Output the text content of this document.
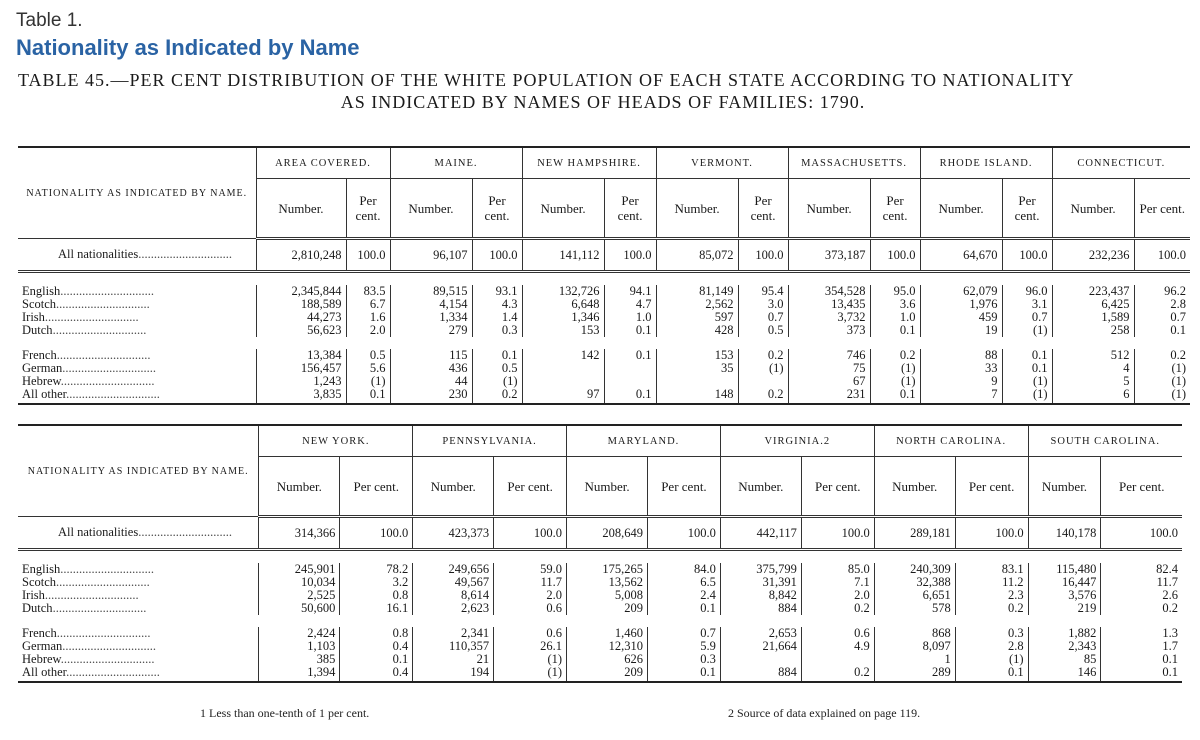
Table 1.
Nationality as Indicated by Name
TABLE 45.—PER CENT DISTRIBUTION OF THE WHITE POPULATION OF EACH STATE ACCORDING TO NATIONALITY
AS INDICATED BY NAMES OF HEADS OF FAMILIES: 1790.
NATIONALITY AS INDICATED BY NAME.	AREA COVERED.		MAINE.		NEW HAMPSHIRE.		VERMONT.		MASSACHUSETTS.		RHODE ISLAND.		CONNECTICUT.	
	Number.	Per cent.	Number.	Per cent.	Number.	Per cent.	Number.	Per cent.	Number.	Per cent.	Number.	Per cent.	Number.	Per cent.
All nationalities..............................	2,810,248	100.0	96,107	100.0	141,112	100.0	85,072	100.0	373,187	100.0	64,670	100.0	232,236	100.0

English..............................	2,345,844	83.5	89,515	93.1	132,726	94.1	81,149	95.4	354,528	95.0	62,079	96.0	223,437	96.2
Scotch..............................	188,589	6.7	4,154	4.3	6,648	4.7	2,562	3.0	13,435	3.6	1,976	3.1	6,425	2.8
Irish..............................	44,273	1.6	1,334	1.4	1,346	1.0	597	0.7	3,732	1.0	459	0.7	1,589	0.7
Dutch..............................	56,623	2.0	279	0.3	153	0.1	428	0.5	373	0.1	19	(1)	258	0.1

French..............................	13,384	0.5	115	0.1	142	0.1	153	0.2	746	0.2	88	0.1	512	0.2
German..............................	156,457	5.6	436	0.5			35	(1)	75	(1)	33	0.1	4	(1)
Hebrew..............................	1,243	(1)	44	(1)					67	(1)	9	(1)	5	(1)
All other..............................	3,835	0.1	230	0.2	97	0.1	148	0.2	231	0.1	7	(1)	6	(1)
NATIONALITY AS INDICATED BY NAME.	NEW YORK.		PENNSYLVANIA.		MARYLAND.		VIRGINIA.2		NORTH CAROLINA.		SOUTH CAROLINA.	
	Number.	Per cent.	Number.	Per cent.	Number.	Per cent.	Number.	Per cent.	Number.	Per cent.	Number.	Per cent.
All nationalities..............................	314,366	100.0	423,373	100.0	208,649	100.0	442,117	100.0	289,181	100.0	140,178	100.0

English..............................	245,901	78.2	249,656	59.0	175,265	84.0	375,799	85.0	240,309	83.1	115,480	82.4
Scotch..............................	10,034	3.2	49,567	11.7	13,562	6.5	31,391	7.1	32,388	11.2	16,447	11.7
Irish..............................	2,525	0.8	8,614	2.0	5,008	2.4	8,842	2.0	6,651	2.3	3,576	2.6
Dutch..............................	50,600	16.1	2,623	0.6	209	0.1	884	0.2	578	0.2	219	0.2

French..............................	2,424	0.8	2,341	0.6	1,460	0.7	2,653	0.6	868	0.3	1,882	1.3
German..............................	1,103	0.4	110,357	26.1	12,310	5.9	21,664	4.9	8,097	2.8	2,343	1.7
Hebrew..............................	385	0.1	21	(1)	626	0.3			1	(1)	85	0.1
All other..............................	1,394	0.4	194	(1)	209	0.1	884	0.2	289	0.1	146	0.1
1 Less than one-tenth of 1 per cent.	2 Source of data explained on page 119.
